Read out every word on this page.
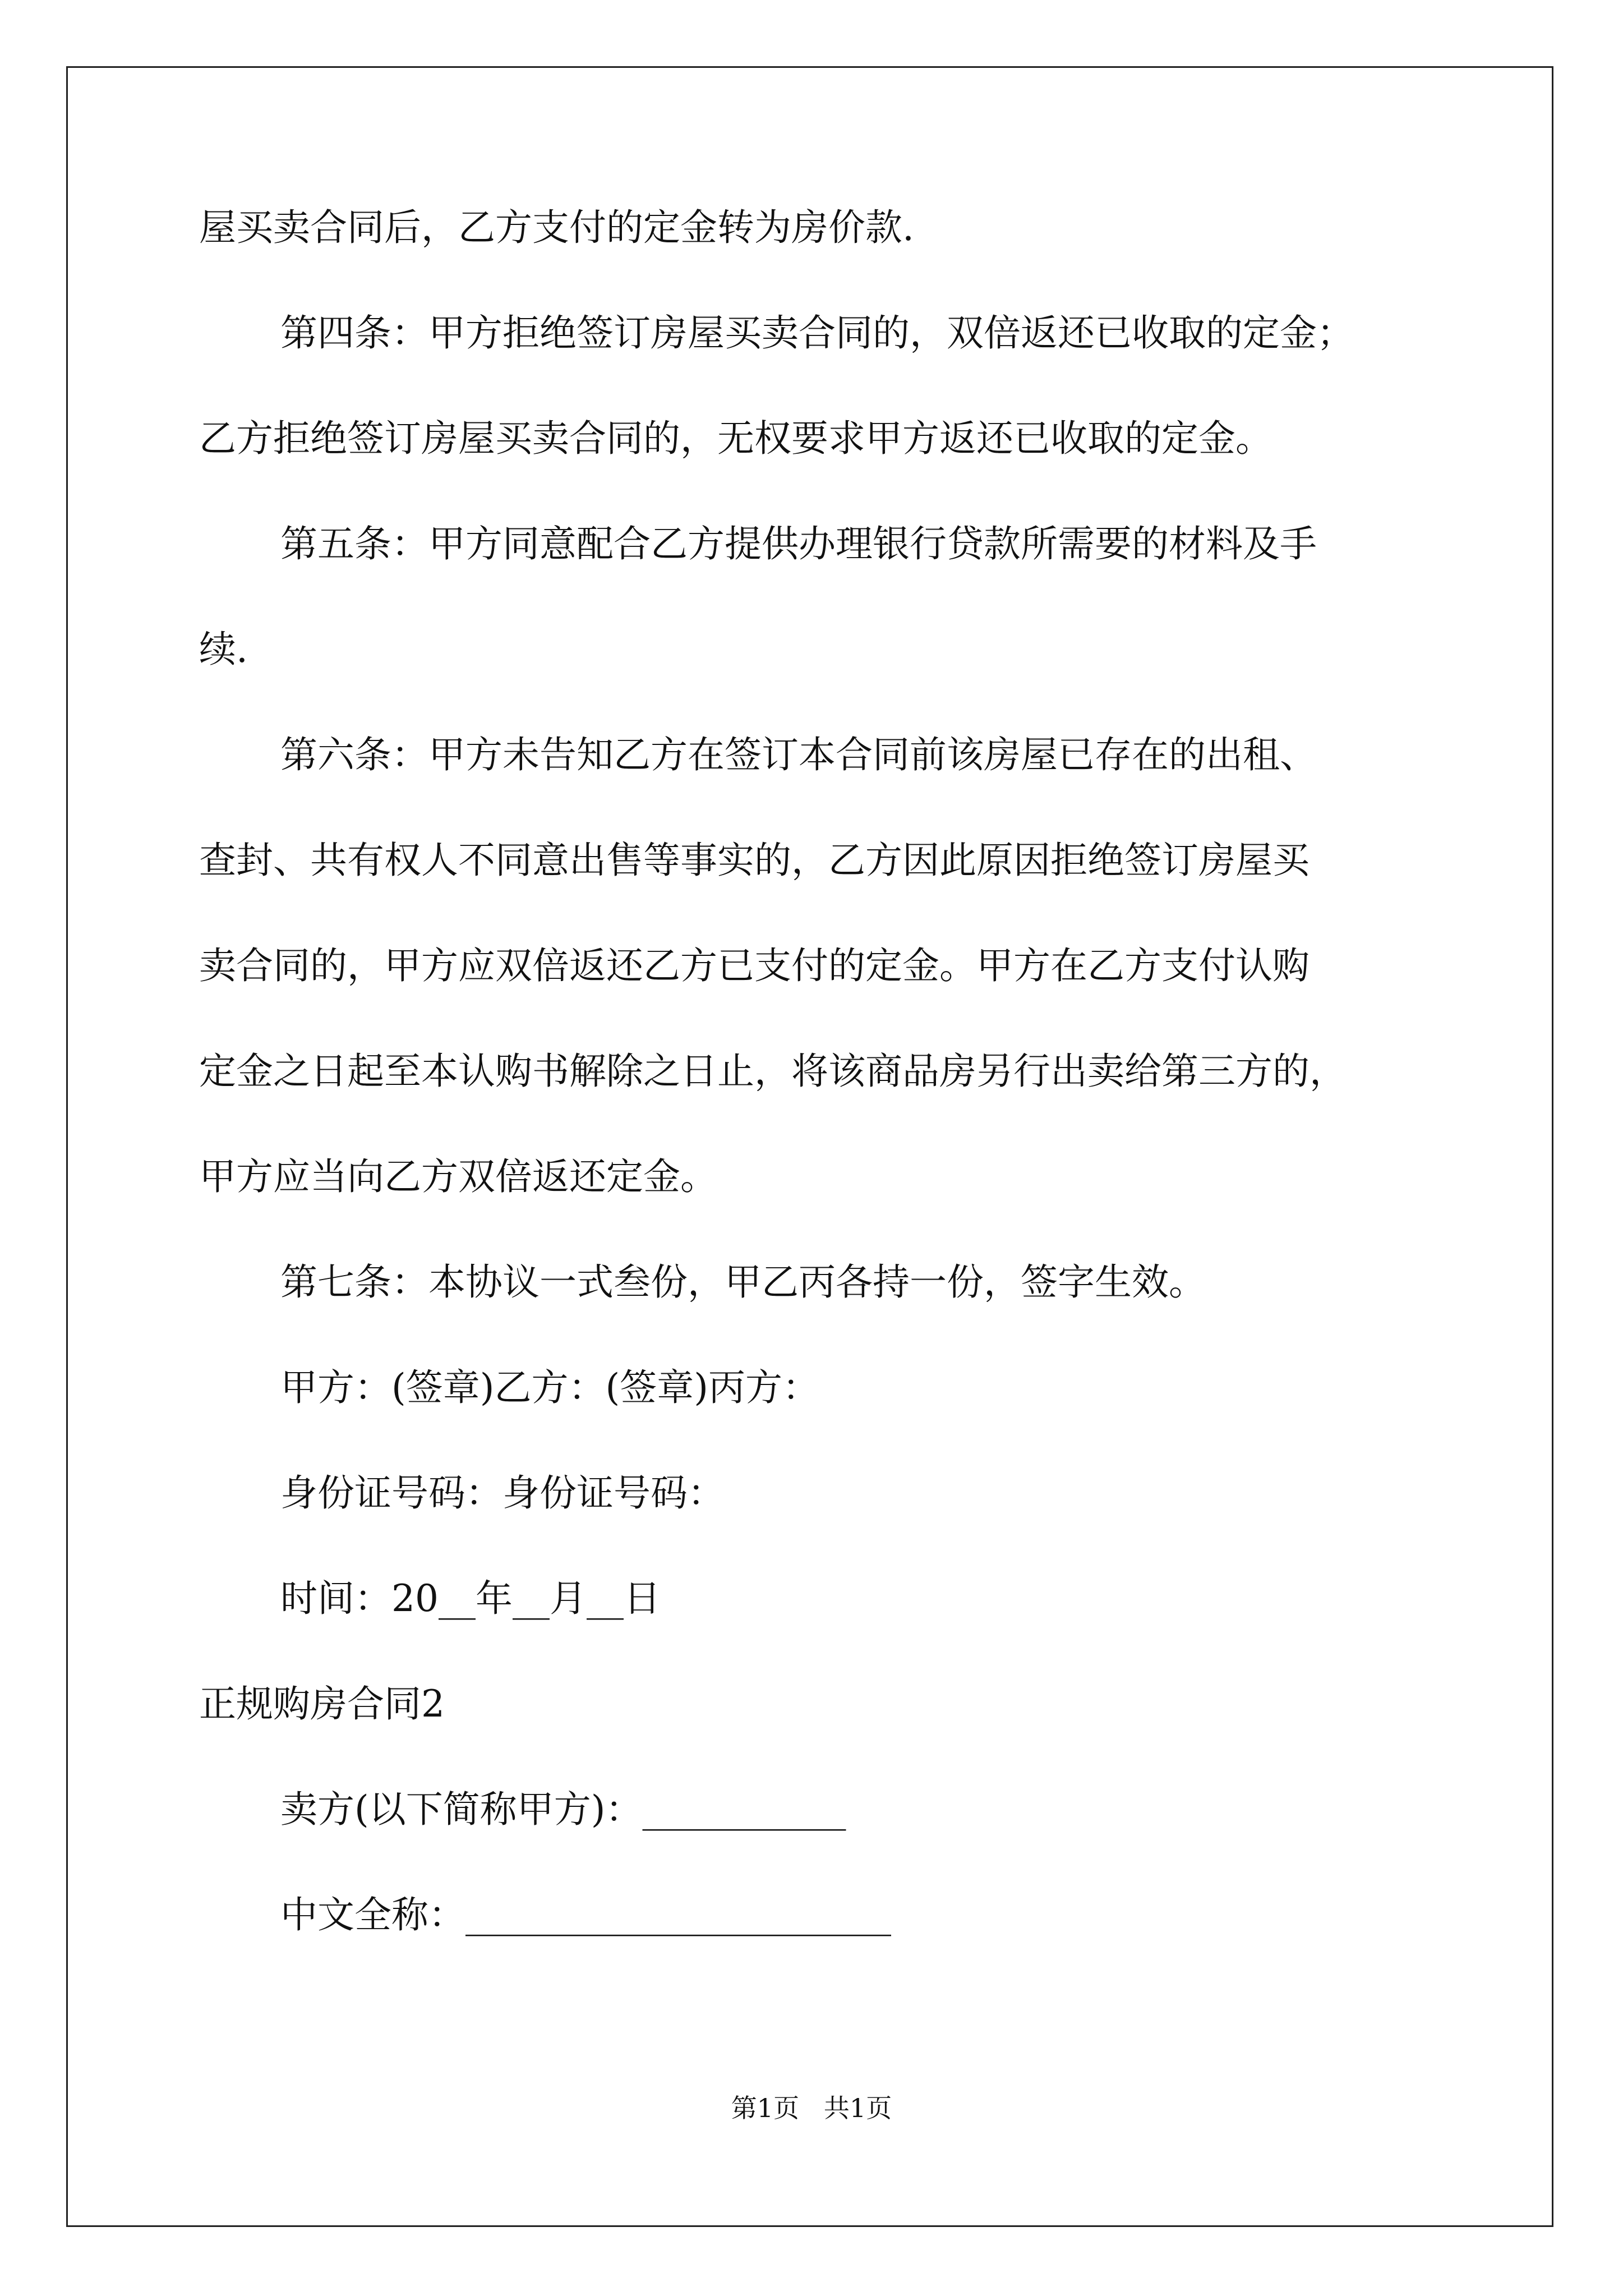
屋买卖合同后，乙方支付的定金转为房价款.
第四条：甲方拒绝签订房屋买卖合同的，双倍返还已收取的定金；
乙方拒绝签订房屋买卖合同的，无权要求甲方返还已收取的定金。
第五条：甲方同意配合乙方提供办理银行贷款所需要的材料及手
续.
第六条：甲方未告知乙方在签订本合同前该房屋已存在的出租、
查封、共有权人不同意出售等事实的，乙方因此原因拒绝签订房屋买
卖合同的，甲方应双倍返还乙方已支付的定金。甲方在乙方支付认购
定金之日起至本认购书解除之日止，将该商品房另行出卖给第三方的，
甲方应当向乙方双倍返还定金。
第七条：本协议一式叁份，甲乙丙各持一份，签字生效。
甲方：(签章)乙方：(签章)丙方：
身份证号码：身份证号码：
时间：20__年__月__日
正规购房合同2
卖方(以下简称甲方)：___________
中文全称：_______________________
第1页   共1页
